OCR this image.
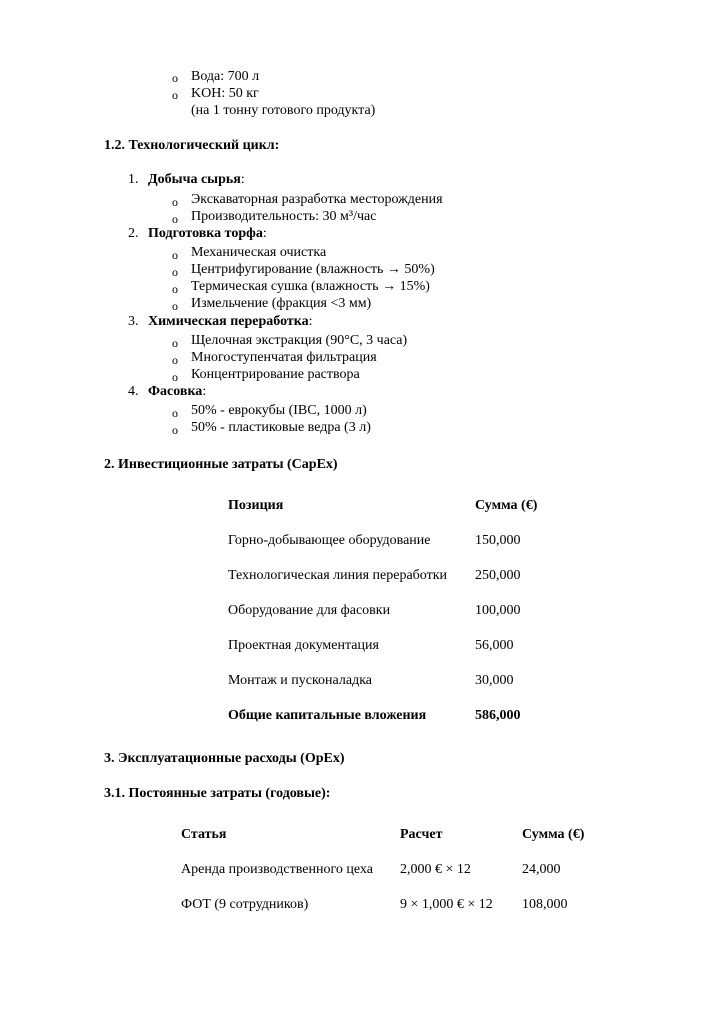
o Вода: 700 л
o KOH: 50 кг
(на 1 тонну готового продукта)
1.2. Технологический цикл:
1. Добыча сырья:
o Экскаваторная разработка месторождения
o Производительность: 30 м³/час
2. Подготовка торфа:
o Механическая очистка
o Центрифугирование (влажность → 50%)
o Термическая сушка (влажность → 15%)
o Измельчение (фракция <3 мм)
3. Химическая переработка:
o Щелочная экстракция (90°C, 3 часа)
o Многоступенчатая фильтрация
o Концентрирование раствора
4. Фасовка:
o 50% - еврокубы (IBC, 1000 л)
o 50% - пластиковые ведра (3 л)
2. Инвестиционные затраты (CapEx)
Позиция	Сумма (€)
Горно-добывающее оборудование	150,000
Технологическая линия переработки 250,000
Оборудование для фасовки	100,000
Проектная документация	56,000
Монтаж и пусконаладка	30,000
Общие капитальные вложения	586,000
3. Эксплуатационные расходы (OpEx)
3.1. Постоянные затраты (годовые):
Статья	Расчет	Сумма (€)
Аренда производственного цеха 2,000 € × 12	24,000
ФОТ (9 сотрудников)	9 × 1,000 € × 12 108,000
